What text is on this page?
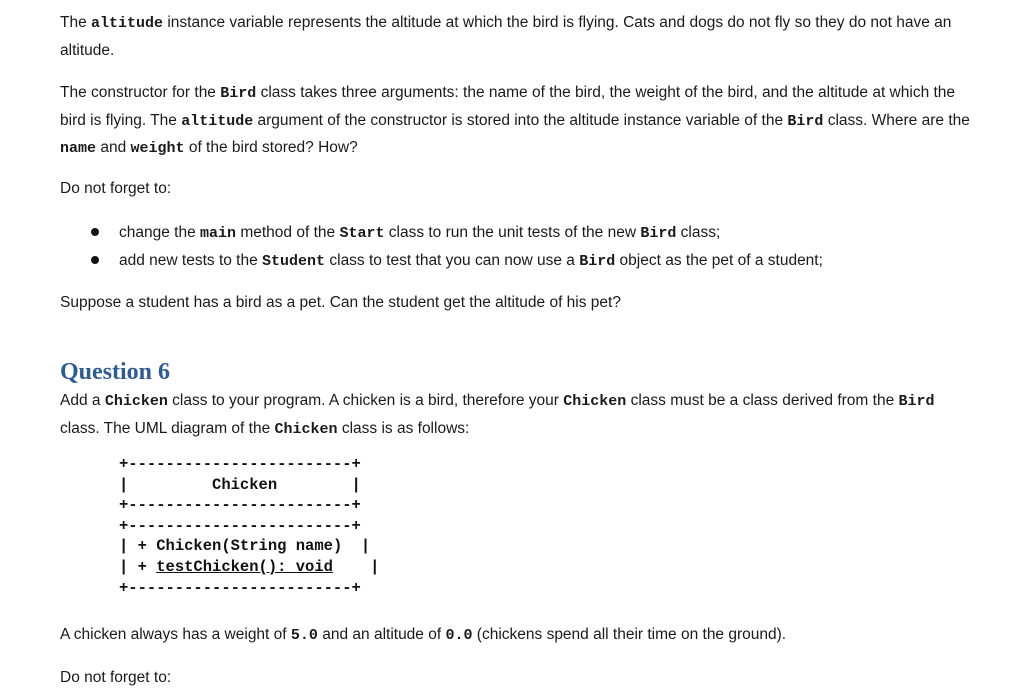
The altitude instance variable represents the altitude at which the bird is flying. Cats and dogs do not fly so they do not have an altitude.

The constructor for the Bird class takes three arguments: the name of the bird, the weight of the bird, and the altitude at which the bird is flying. The altitude argument of the constructor is stored into the altitude instance variable of the Bird class. Where are the name and weight of the bird stored? How?

Do not forget to:

change the main method of the Start class to run the unit tests of the new Bird class;
add new tests to the Student class to test that you can now use a Bird object as the pet of a student;

Suppose a student has a bird as a pet. Can the student get the altitude of his pet?

Question 6

Add a Chicken class to your program. A chicken is a bird, therefore your Chicken class must be a class derived from the Bird class. The UML diagram of the Chicken class is as follows:

+------------------------+
|         Chicken        |
+------------------------+
+------------------------+
| + Chicken(String name)  |
| + testChicken(): void    |
+------------------------+

A chicken always has a weight of 5.0 and an altitude of 0.0 (chickens spend all their time on the ground).

Do not forget to:
